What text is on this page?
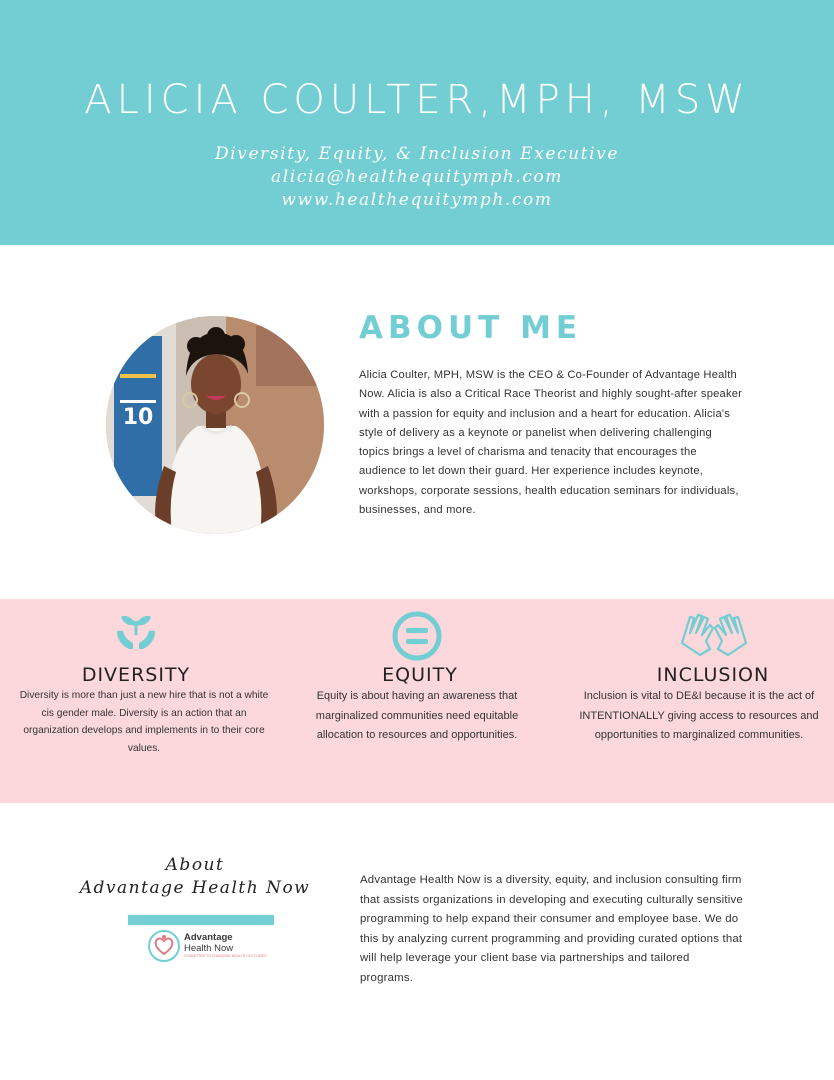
ALICIA COULTER,MPH, MSW
Diversity, Equity, & Inclusion Executive
alicia@healthequitymph.com
www.healthequitymph.com
10
ABOUT ME
Alicia Coulter, MPH, MSW is the CEO & Co-Founder of Advantage Health Now. Alicia is also a Critical Race Theorist and highly sought-after speaker with a passion for equity and inclusion and a heart for education. Alicia's style of delivery as a keynote or panelist when delivering challenging topics brings a level of charisma and tenacity that encourages the audience to let down their guard. Her experience includes keynote, workshops, corporate sessions, health education seminars for individuals, businesses, and more.
DIVERSITY
Diversity is more than just a new hire that is not a white cis gender male. Diversity is an action that an organization develops and implements in to their core values.
EQUITY
Equity is about having an awareness that marginalized communities need equitable allocation to resources and opportunities.
INCLUSION
Inclusion is vital to DE&I because it is the act of INTENTIONALLY giving access to resources and opportunities to marginalized communities.
About
Advantage Health Now
Advantage
Health Now
COMMITTED TO CHANGING HEALTH OUTCOMES
Advantage Health Now is a diversity, equity, and inclusion consulting firm that assists organizations in developing and executing culturally sensitive programming to help expand their consumer and employee base. We do this by analyzing current programming and providing curated options that will help leverage your client base via partnerships and tailored programs.
